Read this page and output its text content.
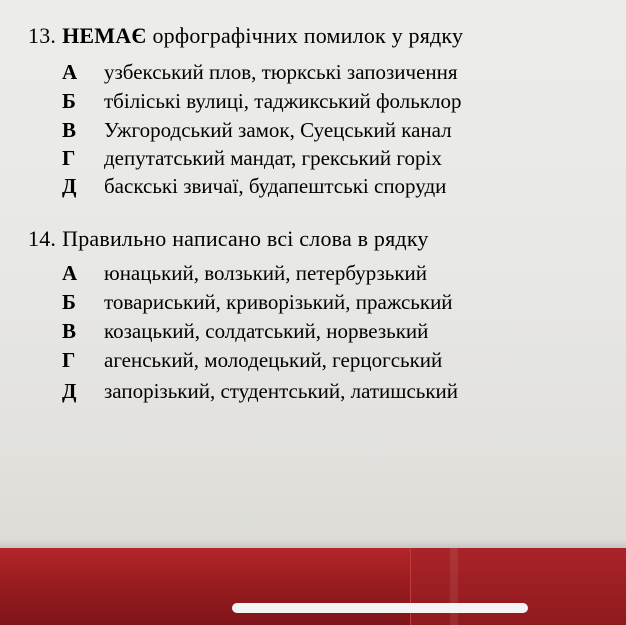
13. НЕМАЄ орфографічних помилок у рядку
А узбекський плов, тюркські запозичення
Б тбіліські вулиці, таджикський фольклор
В Ужгородський замок, Суецський канал
Г депутатський мандат, грекський горіх
Д баскські звичаї, будапештські споруди
14. Правильно написано всі слова в рядку
А юнацький, волзький, петербурзький
Б товариський, криворізький, пражський
В козацький, солдатський, норвезький
Г агенський, молодецький, герцогський
Д запорізький, студентський, латишський
